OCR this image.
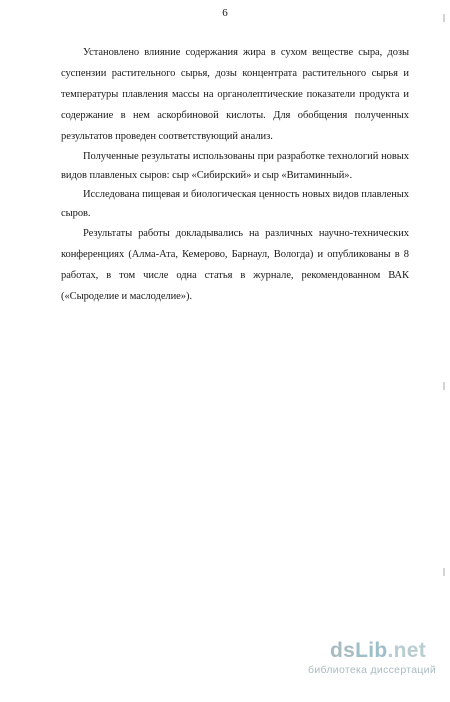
6

Установлено влияние содержания жира в сухом веществе сыра, дозы суспензии растительного сырья, дозы концентрата растительного сырья и температуры плавления массы на органолептические показатели продукта и содержание в нем аскорбиновой кислоты. Для обобщения полученных результатов проведен соответствующий анализ.

Полученные результаты использованы при разработке технологий новых видов плавленых сыров: сыр «Сибирский» и сыр «Витаминный».

Исследована пищевая и биологическая ценность новых видов плавленых сыров.

Результаты работы докладывались на различных научно-технических конференциях (Алма-Ата, Кемерово, Барнаул, Вологда) и опубликованы в 8 работах, в том числе одна статья в журнале, рекомендованном ВАК («Сыроделие и маслоделие»).

dsLib.net
библиотека диссертаций
